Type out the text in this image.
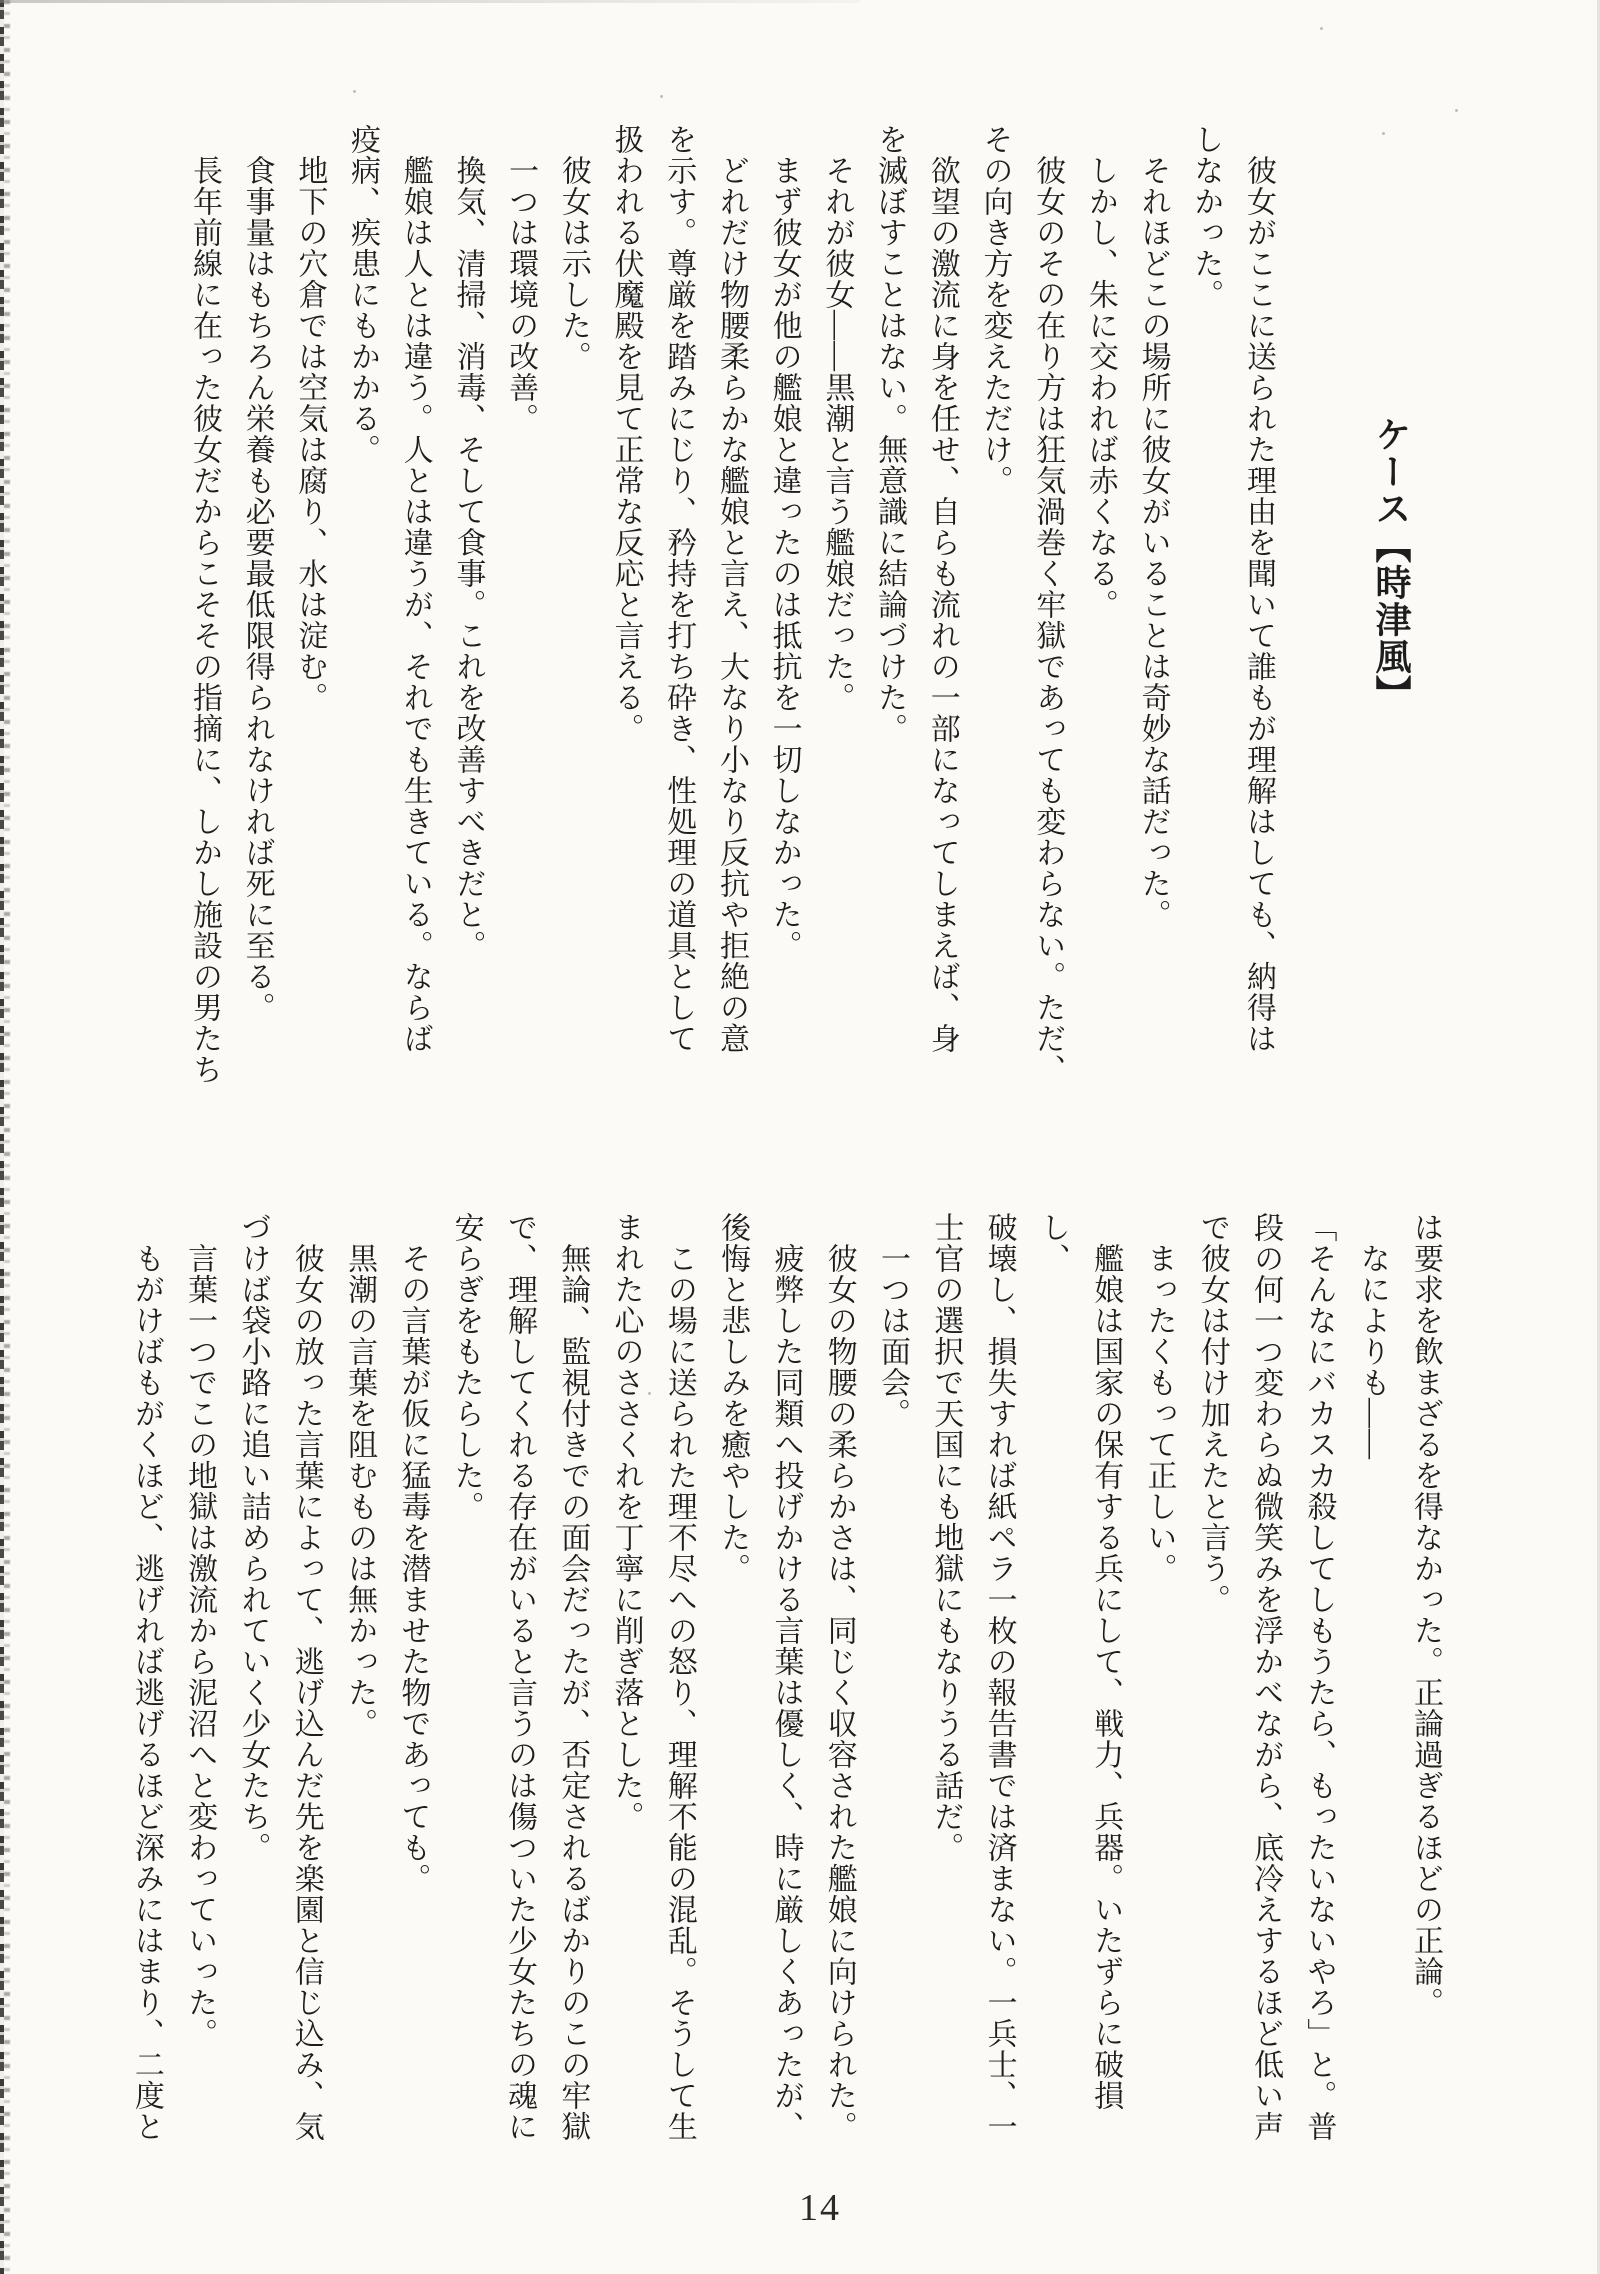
ケース【時津風】
彼女がここに送られた理由を聞いて誰もが理解はしても、納得は
しなかった。
それほどこの場所に彼女がいることは奇妙な話だった。
しかし、朱に交われば赤くなる。
彼女のその在り方は狂気渦巻く牢獄であっても変わらない。ただ、
その向き方を変えただけ。
欲望の激流に身を任せ、自らも流れの一部になってしまえば、身
を滅ぼすことはない。無意識に結論づけた。
それが彼女――黒潮と言う艦娘だった。
まず彼女が他の艦娘と違ったのは抵抗を一切しなかった。
どれだけ物腰柔らかな艦娘と言え、大なり小なり反抗や拒絶の意
を示す。尊厳を踏みにじり、矜持を打ち砕き、性処理の道具として
扱われる伏魔殿を見て正常な反応と言える。
彼女は示した。
一つは環境の改善。
換気、清掃、消毒、そして食事。これを改善すべきだと。
艦娘は人とは違う。人とは違うが、それでも生きている。ならば
疫病、疾患にもかかる。
地下の穴倉では空気は腐り、水は淀む。
食事量はもちろん栄養も必要最低限得られなければ死に至る。
長年前線に在った彼女だからこそその指摘に、しかし施設の男たち
は要求を飲まざるを得なかった。正論過ぎるほどの正論。
なによりも――
「そんなにバカスカ殺してしもうたら、もったいないやろ」と。普
段の何一つ変わらぬ微笑みを浮かべながら、底冷えするほど低い声
で彼女は付け加えたと言う。
まったくもって正しい。
艦娘は国家の保有する兵にして、戦力、兵器。いたずらに破損し、
破壊し、損失すれば紙ペラ一枚の報告書では済まない。一兵士、一
士官の選択で天国にも地獄にもなりうる話だ。
一つは面会。
彼女の物腰の柔らかさは、同じく収容された艦娘に向けられた。
疲弊した同類へ投げかける言葉は優しく、時に厳しくあったが、
後悔と悲しみを癒やした。
この場に送られた理不尽への怒り、理解不能の混乱。そうして生
まれた心のささくれを丁寧に削ぎ落とした。
無論、監視付きでの面会だったが、否定されるばかりのこの牢獄
で、理解してくれる存在がいると言うのは傷ついた少女たちの魂に
安らぎをもたらした。
その言葉が仮に猛毒を潜ませた物であっても。
黒潮の言葉を阻むものは無かった。
彼女の放った言葉によって、逃げ込んだ先を楽園と信じ込み、気
づけば袋小路に追い詰められていく少女たち。
言葉一つでこの地獄は激流から泥沼へと変わっていった。
もがけばもがくほど、逃げれば逃げるほど深みにはまり、二度と
14
